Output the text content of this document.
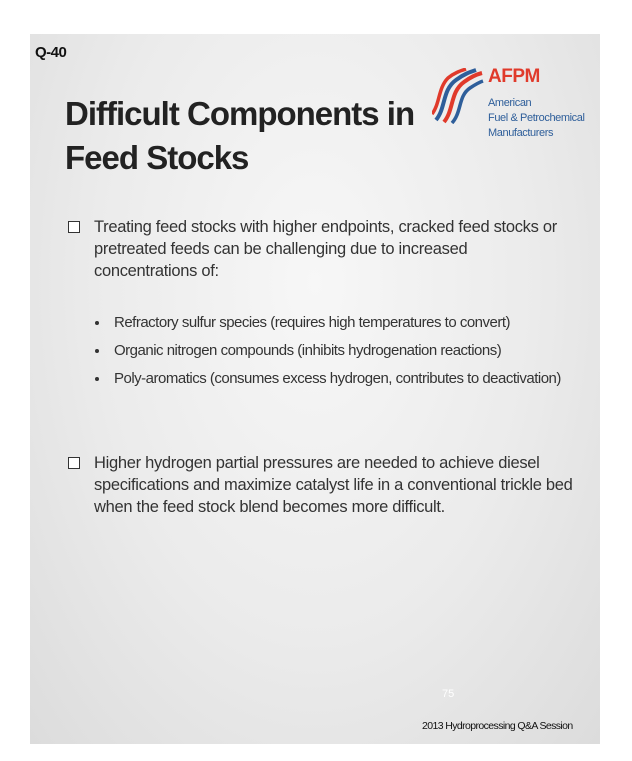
Q-40
Difficult Components in Feed Stocks
AFPM
American
Fuel & Petrochemical
Manufacturers
Treating feed stocks with higher endpoints, cracked feed stocks or pretreated feeds can be challenging due to increased concentrations of:
Refractory sulfur species (requires high temperatures to convert)
Organic nitrogen compounds (inhibits hydrogenation reactions)
Poly-aromatics (consumes excess hydrogen, contributes to deactivation)
Higher hydrogen partial pressures are needed to achieve diesel specifications and maximize catalyst life in a conventional trickle bed when the feed stock blend becomes more difficult.
75
2013 Hydroprocessing Q&A Session
